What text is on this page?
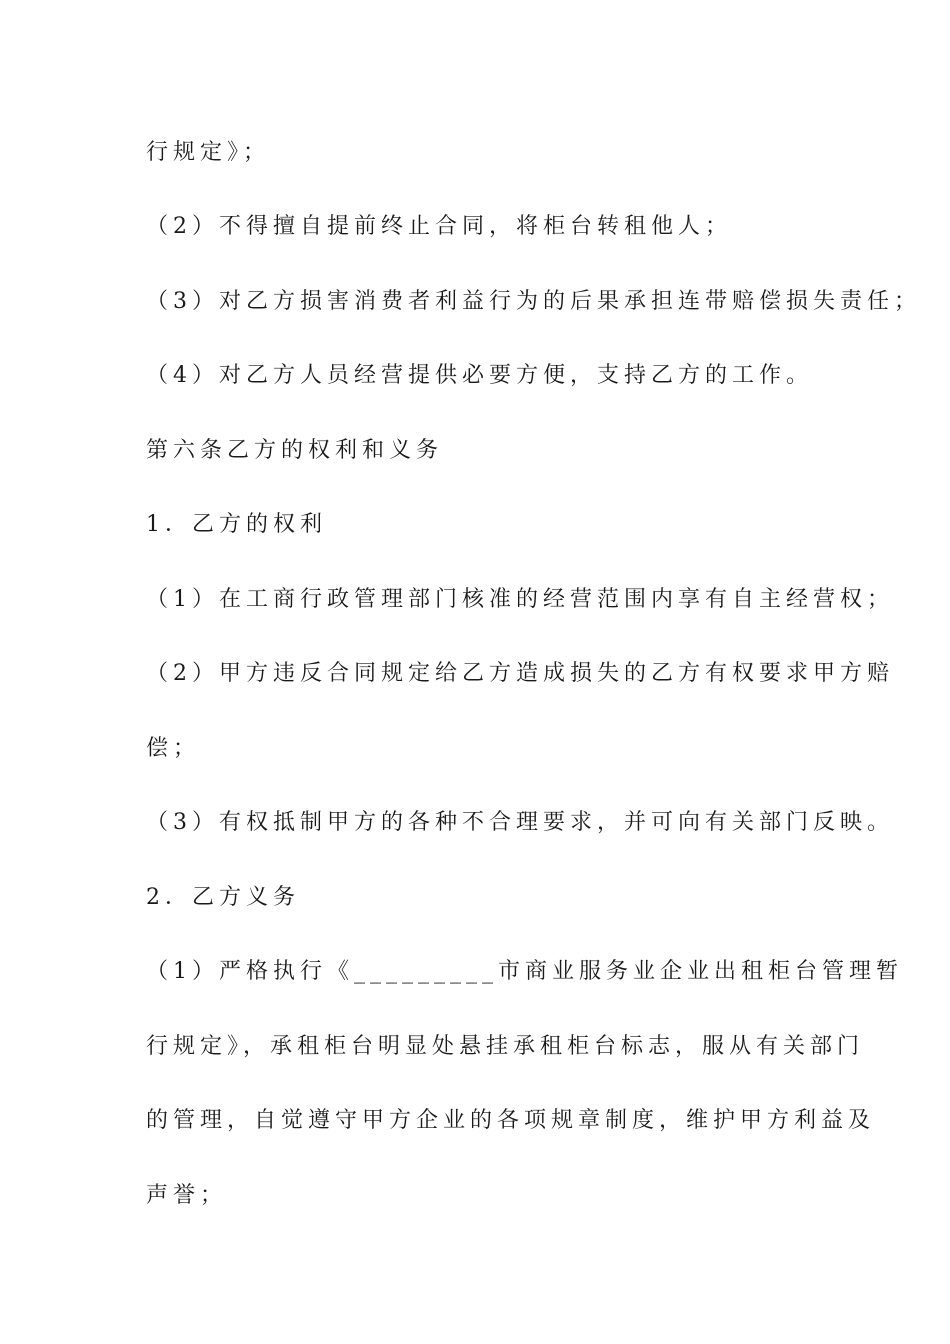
行规定》；
（2）不得擅自提前终止合同，将柜台转租他人；
（3）对乙方损害消费者利益行为的后果承担连带赔偿损失责任；
（4）对乙方人员经营提供必要方便，支持乙方的工作。
第六条乙方的权利和义务
1．乙方的权利
（1）在工商行政管理部门核准的经营范围内享有自主经营权；
（2）甲方违反合同规定给乙方造成损失的乙方有权要求甲方赔
偿；
（3）有权抵制甲方的各种不合理要求，并可向有关部门反映。
2．乙方义务
（1）严格执行《_________市商业服务业企业出租柜台管理暂
行规定》，承租柜台明显处悬挂承租柜台标志，服从有关部门
的管理，自觉遵守甲方企业的各项规章制度，维护甲方利益及
声誉；
